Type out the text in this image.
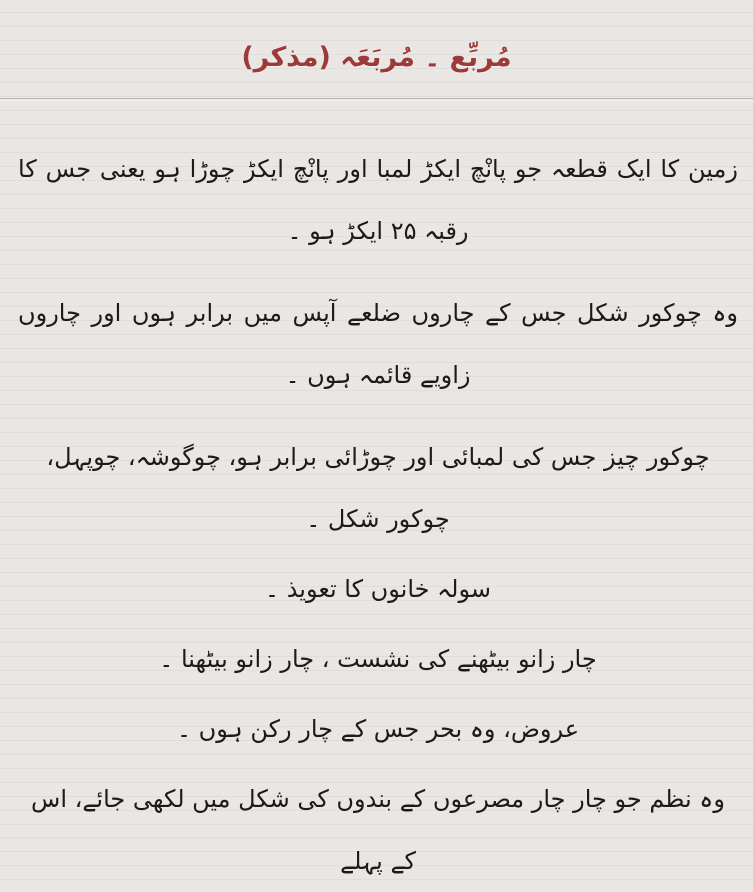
مُربِّع ۔ مُربَعَہ (مذکر)
زمین کا ایک قطعہ جو پانْچ ایکڑ لمبا اور پانْچ ایکڑ چوڑا ہو یعنی جس کا رقبہ ۲۵ ایکڑ ہو ۔
وہ چوکور شکل جس کے چاروں ضلعے آپس میں برابر ہوں اور چاروں زاویے قائمہ ہوں ۔
چوکور چیز جس کی لمبائی اور چوڑائی برابر ہو، چوگوشہ، چوپہل، چوکور شکل ۔
سولہ خانوں کا تعویذ ۔
چار زانو بیٹھنے کی نشست ، چار زانو بیٹھنا ۔
عروض، وہ بحر جس کے چار رکن ہوں ۔
وہ نظم جو چار چار مصرعوں کے بندوں کی شکل میں لکھی جائے، اس کے پہلے
